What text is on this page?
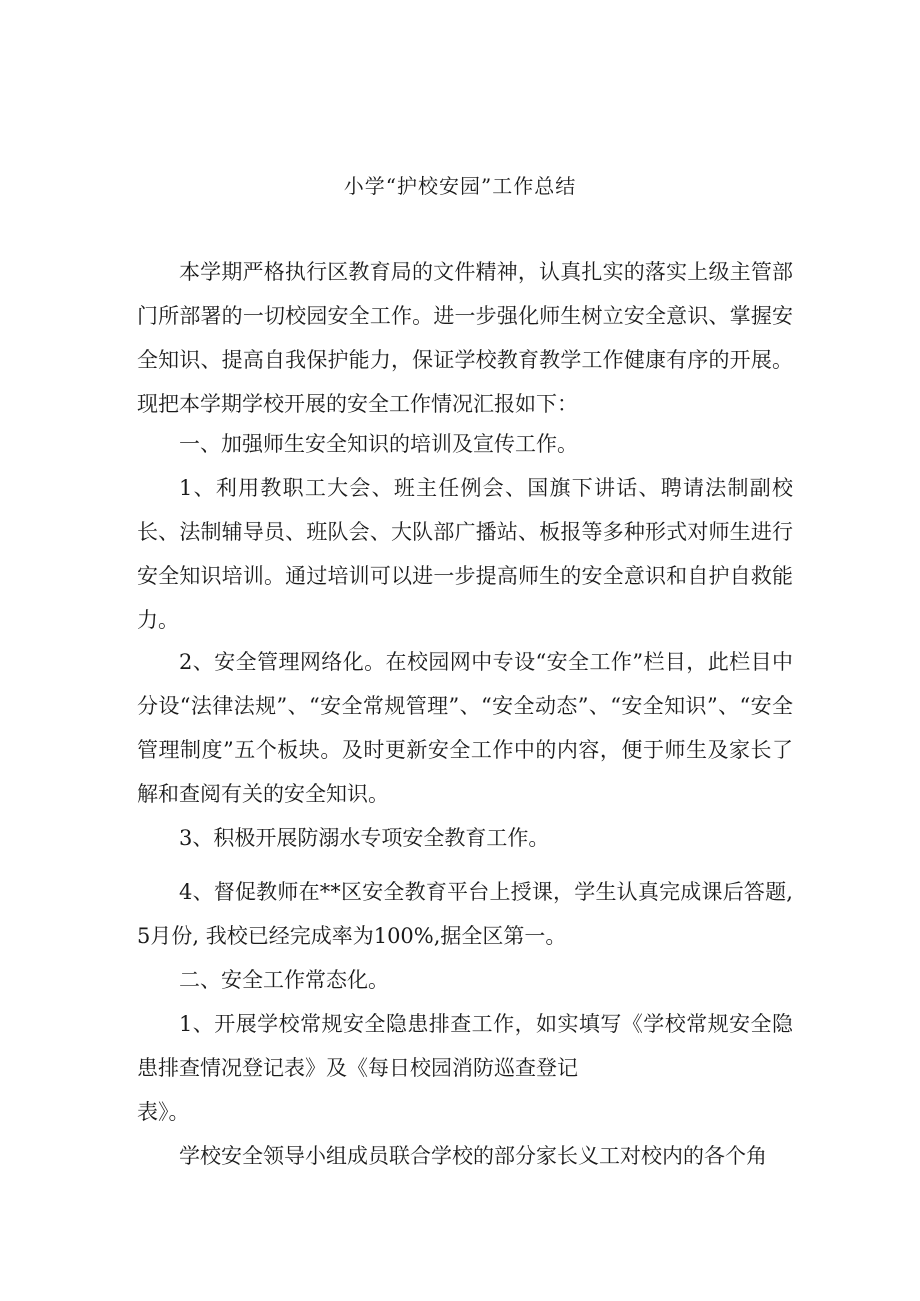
小学“护校安园”工作总结

本学期严格执行区教育局的文件精神，认真扎实的落实上级主管部门所部署的一切校园安全工作。进一步强化师生树立安全意识、掌握安全知识、提高自我保护能力，保证学校教育教学工作健康有序的开展。现把本学期学校开展的安全工作情况汇报如下：

一、加强师生安全知识的培训及宣传工作。

1、利用教职工大会、班主任例会、国旗下讲话、聘请法制副校长、法制辅导员、班队会、大队部广播站、板报等多种形式对师生进行安全知识培训。通过培训可以进一步提高师生的安全意识和自护自救能力。

2、安全管理网络化。在校园网中专设“安全工作”栏目，此栏目中分设“法律法规”、“安全常规管理”、“安全动态”、“安全知识”、“安全管理制度”五个板块。及时更新安全工作中的内容，便于师生及家长了解和查阅有关的安全知识。

3、积极开展防溺水专项安全教育工作。

4、督促教师在**区安全教育平台上授课，学生认真完成课后答题, 5月份, 我校已经完成率为100%,据全区第一。

二、安全工作常态化。

1、开展学校常规安全隐患排查工作，如实填写《学校常规安全隐患排查情况登记表》及《每日校园消防巡查登记

表》。

学校安全领导小组成员联合学校的部分家长义工对校内的各个角
